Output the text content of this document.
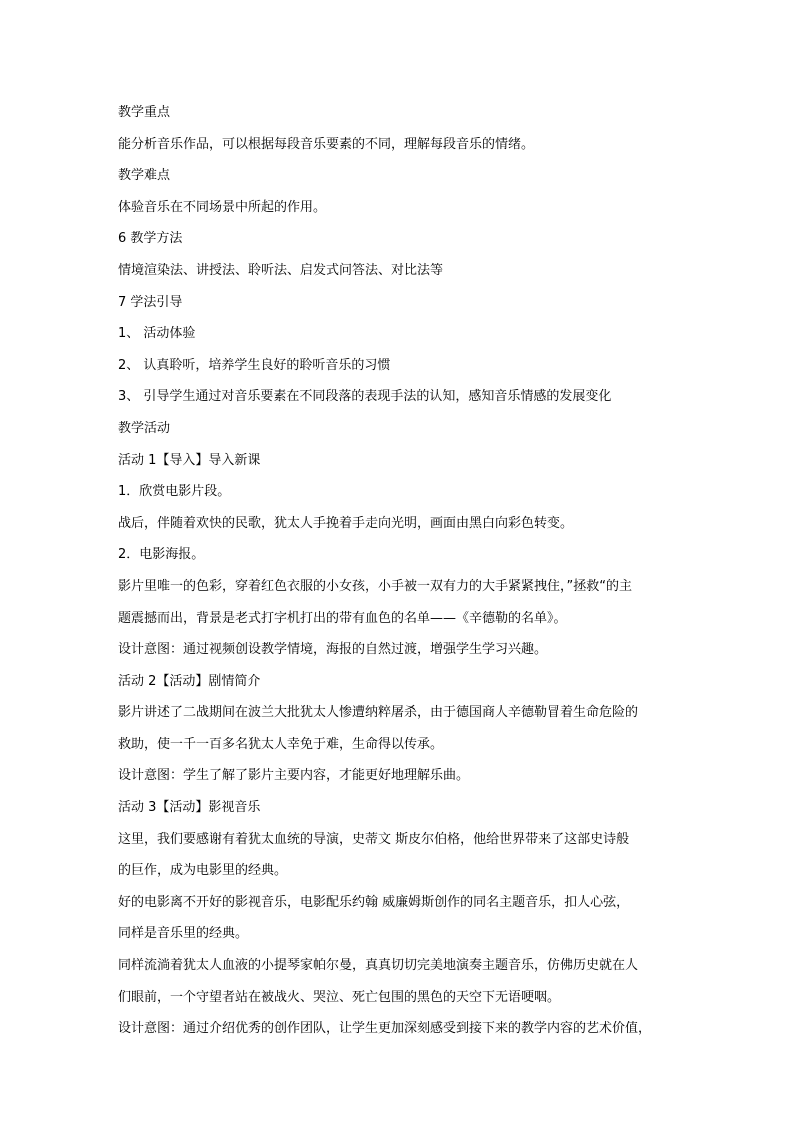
教学重点

能分析音乐作品，可以根据每段音乐要素的不同，理解每段音乐的情绪。

教学难点

体验音乐在不同场景中所起的作用。

6 教学方法

情境渲染法、讲授法、聆听法、启发式问答法、对比法等

7 学法引导

1、 活动体验

2、 认真聆听，培养学生良好的聆听音乐的习惯

3、 引导学生通过对音乐要素在不同段落的表现手法的认知，感知音乐情感的发展变化

教学活动

活动 1【导入】导入新课

1．欣赏电影片段。

战后，伴随着欢快的民歌，犹太人手挽着手走向光明，画面由黑白向彩色转变。

2．电影海报。

影片里唯一的色彩，穿着红色衣服的小女孩，小手被一双有力的大手紧紧拽住，”拯救“的主

题震撼而出，背景是老式打字机打出的带有血色的名单——《辛德勒的名单》。

设计意图：通过视频创设教学情境，海报的自然过渡，增强学生学习兴趣。

活动 2【活动】剧情简介

影片讲述了二战期间在波兰大批犹太人惨遭纳粹屠杀，由于德国商人辛德勒冒着生命危险的

救助，使一千一百多名犹太人幸免于难，生命得以传承。

设计意图：学生了解了影片主要内容，才能更好地理解乐曲。

活动 3【活动】影视音乐

这里，我们要感谢有着犹太血统的导演，史蒂文 斯皮尔伯格，他给世界带来了这部史诗般

的巨作，成为电影里的经典。

好的电影离不开好的影视音乐，电影配乐约翰 威廉姆斯创作的同名主题音乐，扣人心弦，

同样是音乐里的经典。

同样流淌着犹太人血液的小提琴家帕尔曼，真真切切完美地演奏主题音乐，仿佛历史就在人

们眼前，一个守望者站在被战火、哭泣、死亡包围的黑色的天空下无语哽咽。

设计意图：通过介绍优秀的创作团队，让学生更加深刻感受到接下来的教学内容的艺术价值，
